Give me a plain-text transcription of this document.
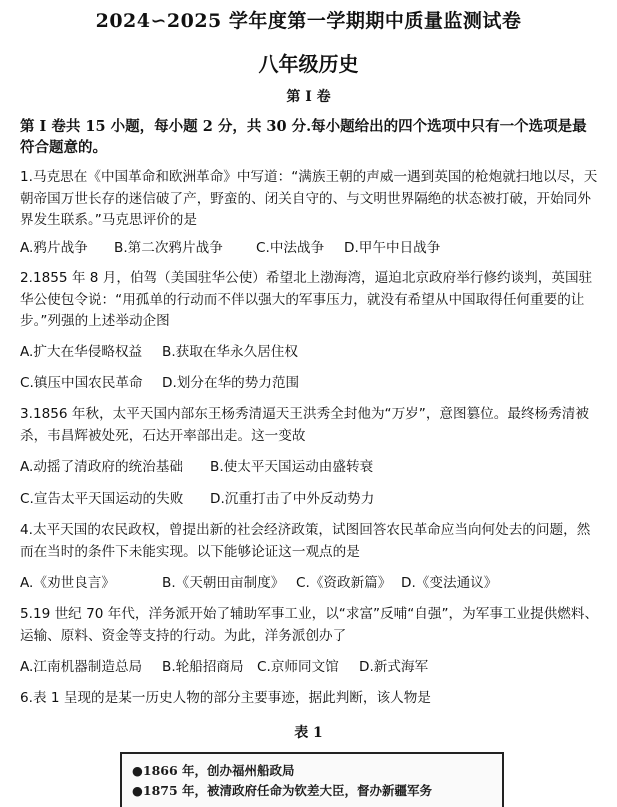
2024∽2025 学年度第一学期期中质量监测试卷
八年级历史
第 I 卷
第 I 卷共 15 小题，每小题 2 分，共 30 分.每小题给出的四个选项中只有一个选项是最符合题意的。

1.马克思在《中国革命和欧洲革命》中写道：“满族王朝的声威一遇到英国的枪炮就扫地以尽，天朝帝国万世长存的迷信破了产，野蛮的、闭关自守的、与文明世界隔绝的状态被打破，开始同外界发生联系。”马克思评价的是

A.鸦片战争 B.第二次鸦片战争 C.中法战争 D.甲午中日战争

2.1855 年 8 月，伯驾（美国驻华公使）希望北上渤海湾，逼迫北京政府举行修约谈判，英国驻华公使包令说：“用孤单的行动而不伴以强大的军事压力，就没有希望从中国取得任何重要的让步。”列强的上述举动企图

A.扩大在华侵略权益 B.获取在华永久居住权
C.镇压中国农民革命 D.划分在华的势力范围

3.1856 年秋，太平天国内部东王杨秀清逼天王洪秀全封他为“万岁”，意图篡位。最终杨秀清被杀，韦昌辉被处死，石达开率部出走。这一变故

A.动摇了清政府的统治基础 B.使太平天国运动由盛转衰
C.宣告太平天国运动的失败 D.沉重打击了中外反动势力

4.太平天国的农民政权，曾提出新的社会经济政策，试图回答农民革命应当向何处去的问题，然而在当时的条件下未能实现。以下能够论证这一观点的是

A.《劝世良言》	B.《天朝田亩制度》 C.《资政新篇》 D.《变法通议》

5.19 世纪 70 年代，洋务派开始了辅助军事工业，以“求富”反哺“自强”，为军事工业提供燃料、运输、原料、资金等支持的行动。为此，洋务派创办了

A.江南机器制造总局 B.轮船招商局 C.京师同文馆 D.新式海军

6.表 1 呈现的是某一历史人物的部分主要事迹，据此判断，该人物是

表 1
●1866 年，创办福州船政局
●1875 年，被清政府任命为钦差大臣，督办新疆军务
